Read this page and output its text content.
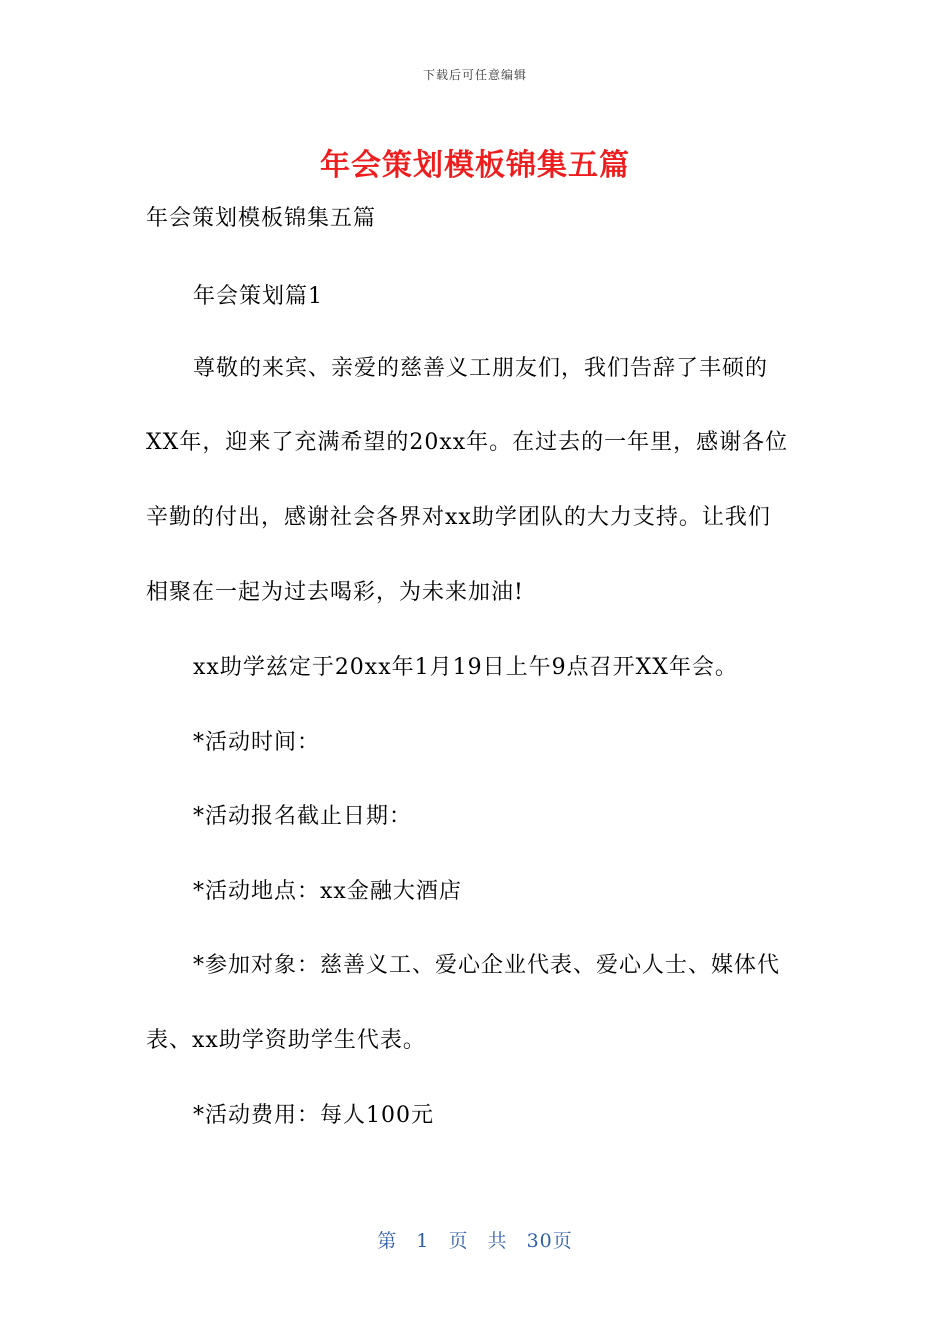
下载后可任意编辑
年会策划模板锦集五篇
年会策划模板锦集五篇
年会策划篇1
尊敬的来宾、亲爱的慈善义工朋友们，我们告辞了丰硕的
XX年，迎来了充满希望的20xx年。在过去的一年里，感谢各位
辛勤的付出，感谢社会各界对xx助学团队的大力支持。让我们
相聚在一起为过去喝彩，为未来加油!
xx助学兹定于20xx年1月19日上午9点召开XX年会。
*活动时间：
*活动报名截止日期：
*活动地点：xx金融大酒店
*参加对象：慈善义工、爱心企业代表、爱心人士、媒体代
表、xx助学资助学生代表。
*活动费用：每人100元
第 1 页 共 30页
